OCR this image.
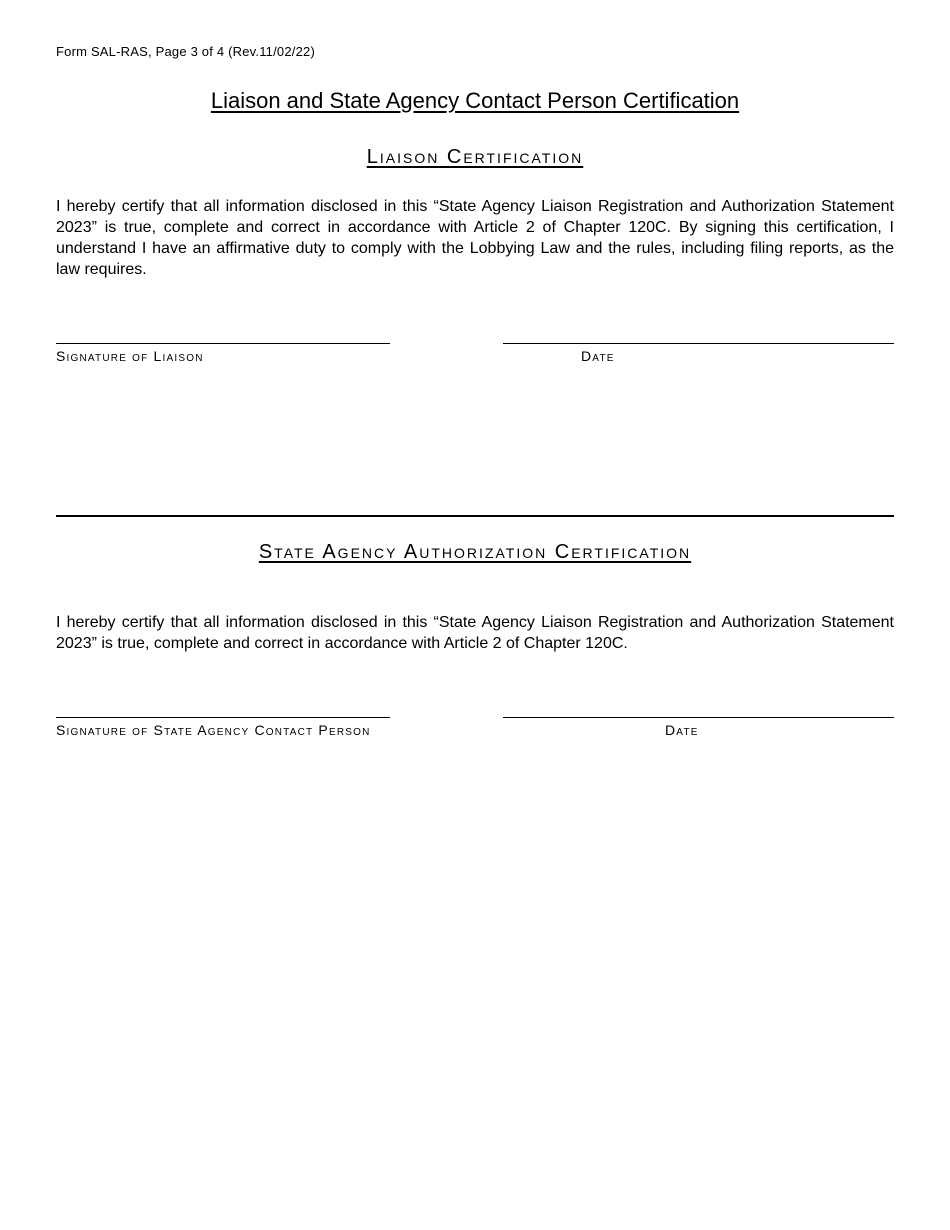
Form SAL-RAS, Page 3 of 4 (Rev.11/02/22)
Liaison and State Agency Contact Person Certification
Liaison Certification
I hereby certify that all information disclosed in this “State Agency Liaison Registration and Authorization Statement 2023” is true, complete and correct in accordance with Article 2 of Chapter 120C. By signing this certification, I understand I have an affirmative duty to comply with the Lobbying Law and the rules, including filing reports, as the law requires.
Signature of Liaison	Date
State Agency Authorization Certification
I hereby certify that all information disclosed in this “State Agency Liaison Registration and Authorization Statement 2023” is true, complete and correct in accordance with Article 2 of Chapter 120C.
Signature of State Agency Contact Person	Date
